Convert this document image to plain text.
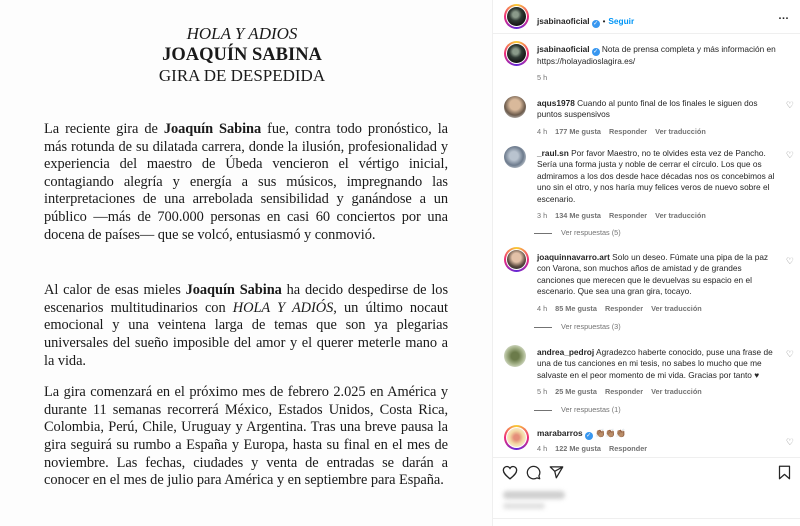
HOLA Y ADIOS
JOAQUÍN SABINA
GIRA DE DESPEDIDA

La reciente gira de Joaquín Sabina fue, contra todo pronóstico, la más rotunda de su dilatada carrera, donde la ilusión, profesionalidad y experiencia del maestro de Úbeda vencieron el vértigo inicial, contagiando alegría y energía a sus músicos, impregnando las interpretaciones de una arrebolada sensibilidad y ganándose a un público —más de 700.000 personas en casi 60 conciertos por una docena de países— que se volcó, entusiasmó y conmovió.

Al calor de esas mieles Joaquín Sabina ha decido despedirse de los escenarios multitudinarios con HOLA Y ADIÓS, un último nocaut emocional y una veintena larga de temas que son ya plegarias universales del sueño imposible del amor y el querer meterle mano a la vida.

La gira comenzará en el próximo mes de febrero 2.025 en América y durante 11 semanas recorrerá México, Estados Unidos, Costa Rica, Colombia, Perú, Chile, Uruguay y Argentina. Tras una breve pausa la gira seguirá su rumbo a España y Europa, hasta su final en el mes de noviembre. Las fechas, ciudades y venta de entradas se darán a conocer en el mes de julio para América y en septiembre para España.

jsabinaoficial ✓ • Seguir	…
jsabinaoficial ✓ Nota de prensa completa y más información en https://holayadioslagira.es/
5 h
aqus1978 Cuando al punto final de los finales le siguen dos puntos suspensivos
4 h 177 Me gusta Responder Ver traducción
♡
_raul.sn Por favor Maestro, no te olvides esta vez de Pancho. Sería una forma justa y noble de cerrar el círculo. Los que os admiramos a los dos desde hace décadas nos os concebimos al uno sin el otro, y nos haría muy felices veros de nuevo sobre el escenario.
3 h 134 Me gusta Responder Ver traducción
♡
Ver respuestas (5)
joaquinnavarro.art Solo un deseo. Fúmate una pipa de la paz con Varona, son muchos años de amistad y de grandes canciones que merecen que le devuelvas su espacio en el escenario. Que sea una gran gira, tocayo.
4 h 85 Me gusta Responder Ver traducción
♡
Ver respuestas (3)
andrea_pedroj Agradezco haberte conocido, puse una frase de una de tus canciones en mi tesis, no sabes lo mucho que me salvaste en el peor momento de mi vida. Gracias por tanto ♥
5 h 25 Me gusta Responder Ver traducción
♡
Ver respuestas (1)
marabarros ✓ 👏🏽👏🏽👏🏽
4 h 122 Me gusta Responder
♡
